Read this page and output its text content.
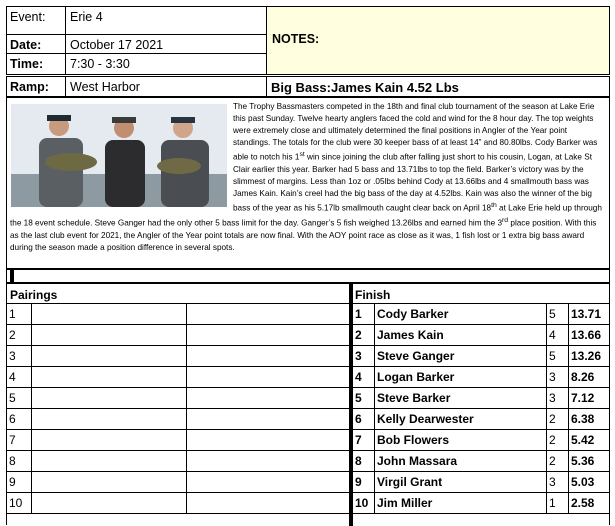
Event:	Erie 4
Date:	October 17 2021
Time:	7:30 - 3:30
NOTES:
Ramp:	West Harbor	Big Bass:James Kain 4.52 Lbs
The Trophy Bassmasters competed in the 18th and final club tournament of the season at Lake Erie this past Sunday. Twelve hearty anglers faced the cold and wind for the 8 hour day. The top weights were extremely close and ultimately determined the final positions in Angler of the Year point standings. The totals for the club were 30 keeper bass of at least 14” and 80.80lbs. Cody Barker was able to notch his 1st win since joining the club after falling just short to his cousin, Logan, at Lake St Clair earlier this year. Barker had 5 bass and 13.71lbs to top the field. Barker’s victory was by the slimmest of margins. Less than 1oz or .05lbs behind Cody at 13.66lbs and 4 smallmouth bass was James Kain. Kain’s creel had the big bass of the day at 4.52lbs. Kain was also the winner of the big bass of the year as his 5.17lb smallmouth caught clear back on April 18th at Lake Erie held up through the 18 event schedule. Steve Ganger had the only other 5 bass limit for the day. Ganger’s 5 fish weighed 13.26lbs and earned him the 3rd place position. With this as the last club event for 2021, the Angler of the Year point totals are now final. With the AOY point race as close as it was, 1 fish lost or 1 extra big bass award during the season made a position difference in several spots.
Pairings
1		
2		
3		
4		
5		
6		
7		
8		
9		
10		
Finish
1	Cody Barker	5	13.71
2	James Kain	4	13.66
3	Steve Ganger	5	13.26
4	Logan Barker	3	8.26
5	Steve Barker	3	7.12
6	Kelly Dearwester	2	6.38
7	Bob Flowers	2	5.42
8	John Massara	2	5.36
9	Virgil Grant	3	5.03
10	Jim Miller	1	2.58
